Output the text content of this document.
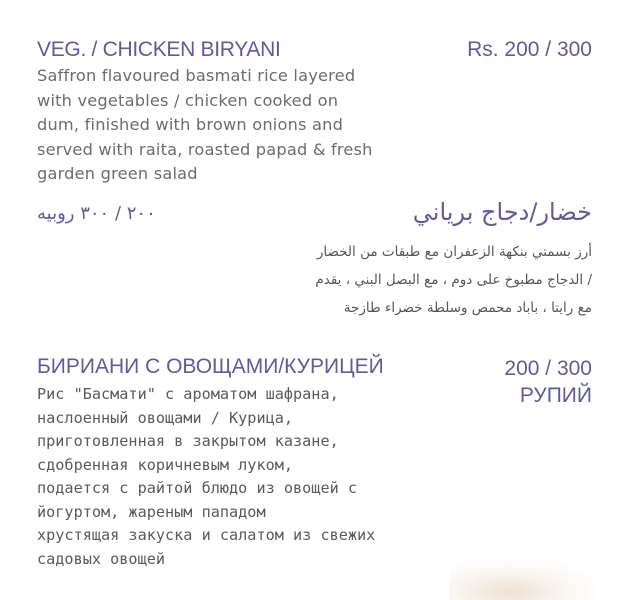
VEG. / CHICKEN BIRYANI	Rs. 200 / 300
Saffron flavoured basmati rice layered
with vegetables / chicken cooked on
dum, finished with brown onions and
served with raita, roasted papad & fresh
garden green salad
خضار/دجاج برياني
٢٠٠ / ٣٠٠ روبيه
أرز بسمتي بنكهة الزعفران مع طبقات من الخضار
/ الدجاج مطبوخ على دوم ، مع البصل البني ، يقدم
مع رايتا ، باباد محمص وسلطة خضراء طازجة
БИРИАНИ С ОВОЩАМИ/КУРИЦЕЙ	200 / 300
РУПИЙ
Рис "Басмати" с ароматом шафрана,
наслоенный овощами / Курица,
приготовленная в закрытом казане,
сдобренная коричневым луком,
подается с райтой блюдо из овощей с
йогуртом, жареным пападом
хрустящая закуска и салатом из свежих
садовых овощей
